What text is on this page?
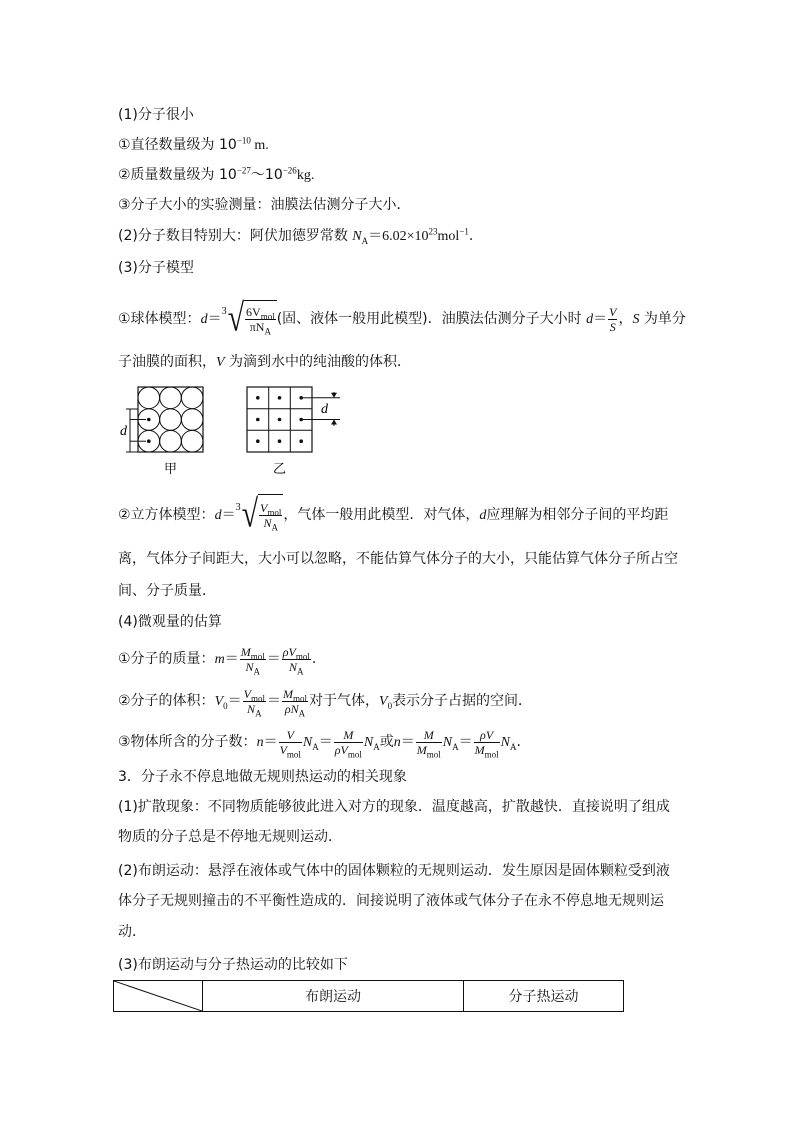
(1)分子很小
①直径数量级为 $10^{-10}$ m.
②质量数量级为 $10^{-27}\sim 10^{-26}kg$.
③分子大小的实验测量：油膜法估测分子大小．
(2)分子数目特别大：阿伏加德罗常数 $N_A=6.02\times 10^{23}mol^{-1}$.
(3)分子模型
①球体模型：d＝ 3 √ $\frac{6V_{mol}}{\pi N_A}$ (固、液体一般用此模型)．油膜法估测分子大小时 $d= \frac{V}{S}$ ，S 为单分
子油膜的面积，V 为滴到水中的纯油酸的体积．
d
甲
d
乙
②立方体模型：d＝ 3 √ $\frac{V_{mol}}{N_A}$ ，气体一般用此模型．对气体，d应理解为相邻分子间的平均距
离，气体分子间距大，大小可以忽略，不能估算气体分子的大小，只能估算气体分子所占空
间、分子质量．
(4)微观量的估算
①分子的质量：$m= \frac{M_{mol}}{N_A} = \frac{\rho V_{mol}}{N_A}$ .
②分子的体积：$V_0= \frac{V_{mol}}{N_A} = \frac{M_{mol}}{\rho N_A}$ 对于气体，$V_0$表示分子占据的空间．
③物体所含的分子数：$n= \frac{V}{V_{mol}} N_A= \frac{M}{\rho V_{mol}} N_A$或$n= \frac{M}{M_{mol}} N_A= \frac{\rho V}{M_{mol}} N_A$.
3．分子永不停息地做无规则热运动的相关现象
(1)扩散现象：不同物质能够彼此进入对方的现象．温度越高，扩散越快．直接说明了组成
物质的分子总是不停地无规则运动．
(2)布朗运动：悬浮在液体或气体中的固体颗粒的无规则运动．发生原因是固体颗粒受到液
体分子无规则撞击的不平衡性造成的．间接说明了液体或气体分子在永不停息地无规则运
动．
(3)布朗运动与分子热运动的比较如下
	布朗运动	分子热运动
